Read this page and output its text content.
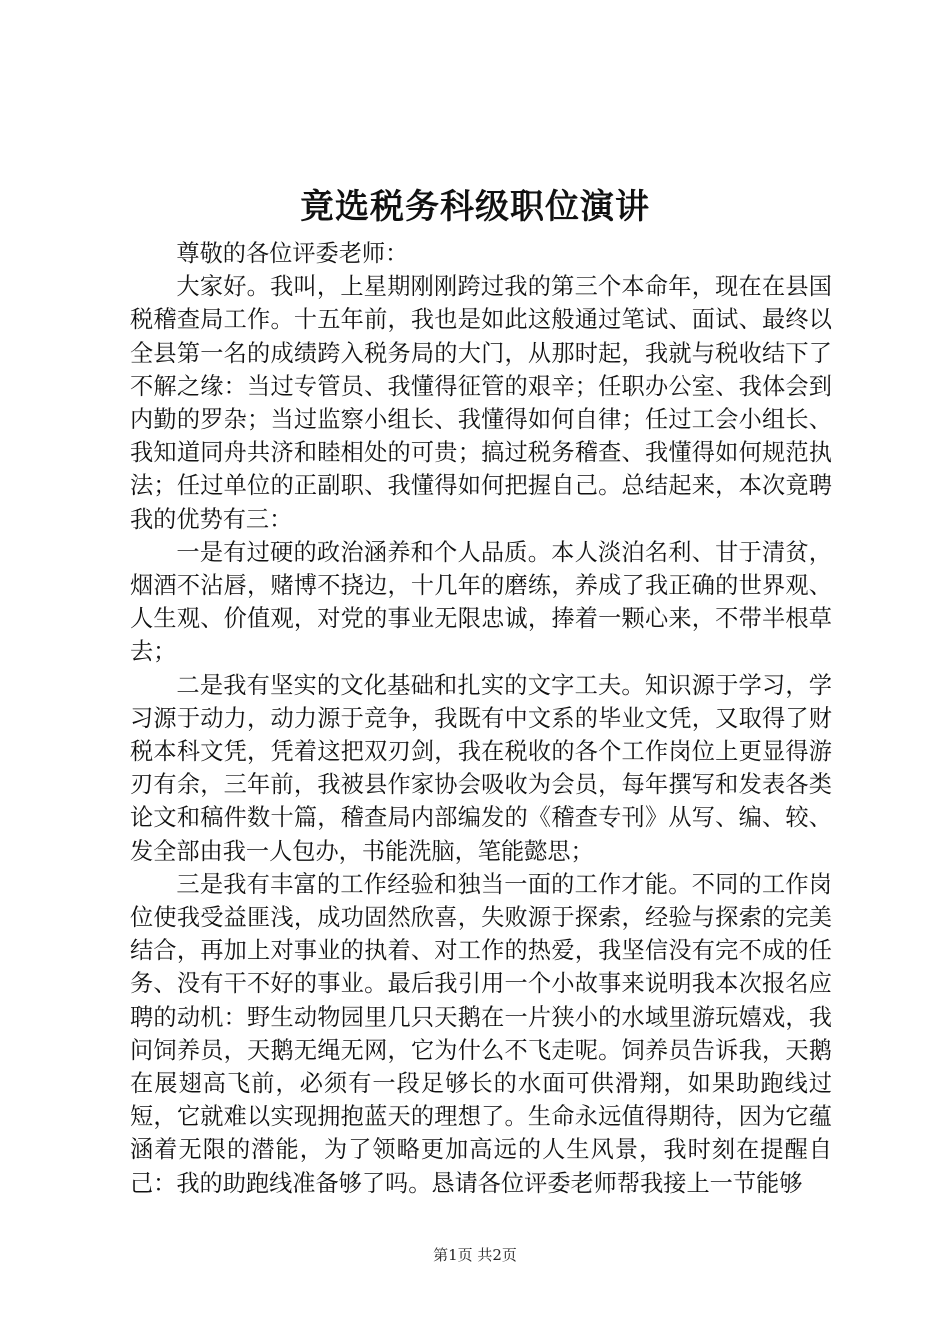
竟选税务科级职位演讲

尊敬的各位评委老师：

大家好。我叫，上星期刚刚跨过我的第三个本命年，现在在县国税稽查局工作。十五年前，我也是如此这般通过笔试、面试、最终以全县第一名的成绩跨入税务局的大门，从那时起，我就与税收结下了不解之缘：当过专管员、我懂得征管的艰辛；任职办公室、我体会到内勤的罗杂；当过监察小组长、我懂得如何自律；任过工会小组长、我知道同舟共济和睦相处的可贵；搞过税务稽查、我懂得如何规范执法；任过单位的正副职、我懂得如何把握自己。总结起来，本次竟聘我的优势有三：

一是有过硬的政治涵养和个人品质。本人淡泊名利、甘于清贫，烟酒不沾唇，赌博不挠边，十几年的磨练，养成了我正确的世界观、人生观、价值观，对党的事业无限忠诚，捧着一颗心来，不带半根草去；

二是我有坚实的文化基础和扎实的文字工夫。知识源于学习，学习源于动力，动力源于竞争，我既有中文系的毕业文凭，又取得了财税本科文凭，凭着这把双刃剑，我在税收的各个工作岗位上更显得游刃有余，三年前，我被县作家协会吸收为会员，每年撰写和发表各类论文和稿件数十篇，稽查局内部编发的《稽查专刊》从写、编、较、发全部由我一人包办，书能洗脑，笔能懿思；

三是我有丰富的工作经验和独当一面的工作才能。不同的工作岗位使我受益匪浅，成功固然欣喜，失败源于探索，经验与探索的完美结合，再加上对事业的执着、对工作的热爱，我坚信没有完不成的任务、没有干不好的事业。最后我引用一个小故事来说明我本次报名应聘的动机：野生动物园里几只天鹅在一片狭小的水域里游玩嬉戏，我问饲养员，天鹅无绳无网，它为什么不飞走呢。饲养员告诉我，天鹅在展翅高飞前，必须有一段足够长的水面可供滑翔，如果助跑线过短，它就难以实现拥抱蓝天的理想了。生命永远值得期待，因为它蕴涵着无限的潜能，为了领略更加高远的人生风景，我时刻在提醒自己：我的助跑线准备够了吗。恳请各位评委老师帮我接上一节能够

第1页 共2页
